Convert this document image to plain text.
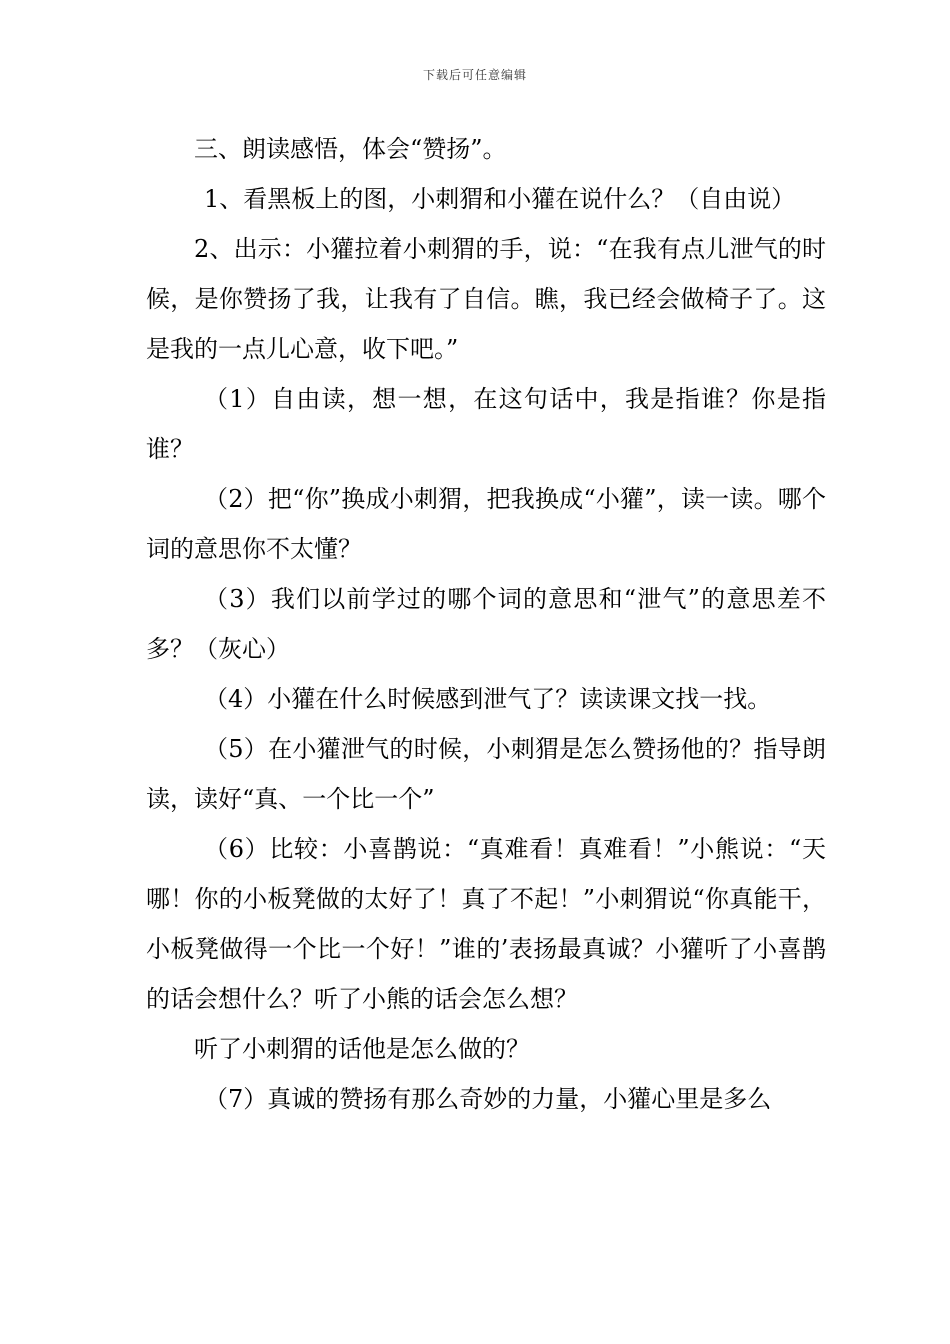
下载后可任意编辑

三、朗读感悟，体会“赞扬”。

1、看黑板上的图，小刺猬和小獾在说什么？（自由说）

2、出示：小獾拉着小刺猬的手，说：“在我有点儿泄气的时候，是你赞扬了我，让我有了自信。瞧，我已经会做椅子了。这是我的一点儿心意，收下吧。”

（1）自由读，想一想，在这句话中，我是指谁？你是指谁？

（2）把“你”换成小刺猬，把我换成“小獾”，读一读。哪个词的意思你不太懂？

（3）我们以前学过的哪个词的意思和“泄气”的意思差不多？（灰心）

（4）小獾在什么时候感到泄气了？读读课文找一找。

（5）在小獾泄气的时候，小刺猬是怎么赞扬他的？指导朗读，读好“真、一个比一个”

（6）比较：小喜鹊说：“真难看！真难看！”小熊说：“天哪！你的小板凳做的太好了！真了不起！”小刺猬说“你真能干，小板凳做得一个比一个好！”谁的’表扬最真诚？小獾听了小喜鹊的话会想什么？听了小熊的话会怎么想？

听了小刺猬的话他是怎么做的？

（7）真诚的赞扬有那么奇妙的力量，小獾心里是多么
